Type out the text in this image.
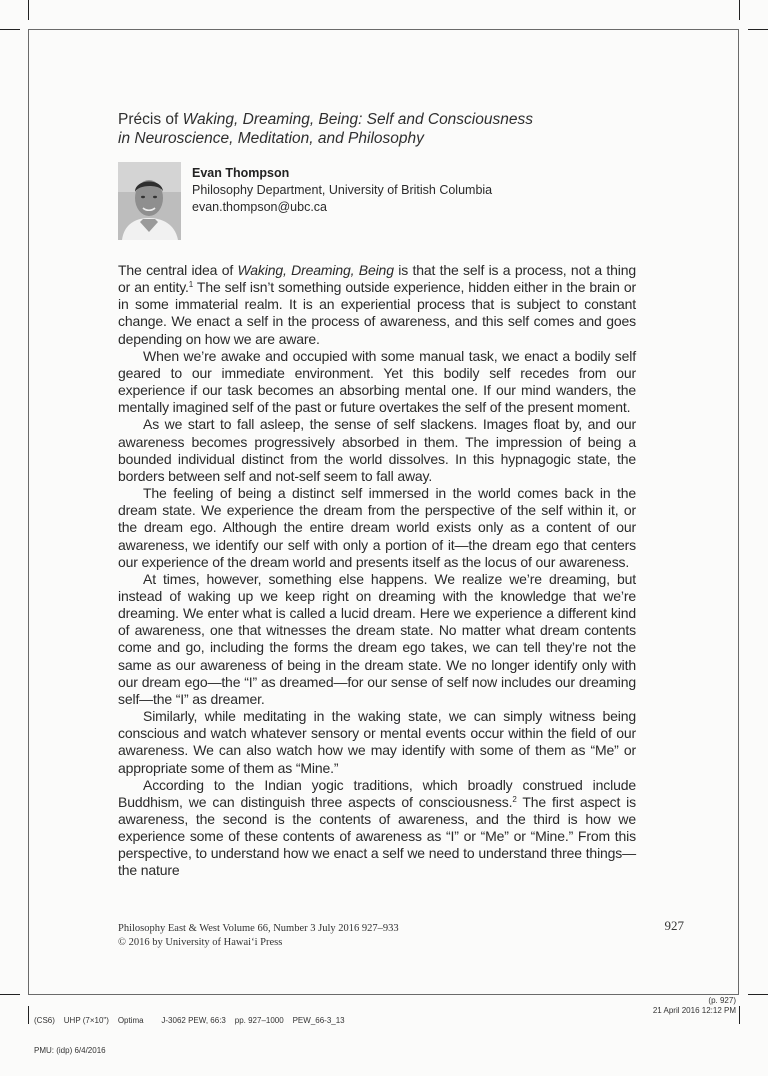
Précis of Waking, Dreaming, Being: Self and Consciousness
in Neuroscience, Meditation, and Philosophy
Evan Thompson
Philosophy Department, University of British Columbia
evan.thompson@ubc.ca

The central idea of Waking, Dreaming, Being is that the self is a process, not a thing or an entity.$^1$ The self isn’t something outside experience, hidden either in the brain or in some immaterial realm. It is an experiential process that is subject to constant change. We enact a self in the process of awareness, and this self comes and goes depending on how we are aware.

When we’re awake and occupied with some manual task, we enact a bodily self geared to our immediate environment. Yet this bodily self recedes from our experience if our task becomes an absorbing mental one. If our mind wanders, the mentally imagined self of the past or future overtakes the self of the present moment.

As we start to fall asleep, the sense of self slackens. Images float by, and our awareness becomes progressively absorbed in them. The impression of being a bounded individual distinct from the world dissolves. In this hypnagogic state, the borders between self and not-self seem to fall away.

The feeling of being a distinct self immersed in the world comes back in the dream state. We experience the dream from the perspective of the self within it, or the dream ego. Although the entire dream world exists only as a content of our awareness, we identify our self with only a portion of it—the dream ego that centers our experience of the dream world and presents itself as the locus of our awareness.

At times, however, something else happens. We realize we’re dreaming, but instead of waking up we keep right on dreaming with the knowledge that we’re dreaming. We enter what is called a lucid dream. Here we experience a different kind of awareness, one that witnesses the dream state. No matter what dream contents come and go, including the forms the dream ego takes, we can tell they’re not the same as our awareness of being in the dream state. We no longer identify only with our dream ego—the “I” as dreamed—for our sense of self now includes our dreaming self—the “I” as dreamer.

Similarly, while meditating in the waking state, we can simply witness being conscious and watch whatever sensory or mental events occur within the field of our awareness. We can also watch how we may identify with some of them as “Me” or appropriate some of them as “Mine.”

According to the Indian yogic traditions, which broadly construed include Buddhism, we can distinguish three aspects of consciousness.$^2$ The first aspect is awareness, the second is the contents of awareness, and the third is how we experience some of these contents of awareness as “I” or “Me” or “Mine.” From this perspective, to understand how we enact a self we need to understand three things—the nature

Philosophy East & West Volume 66, Number 3 July 2016 927–933
© 2016 by University of Hawai‘i Press
927

(CS6)    UHP (7×10")    Optima        J-3062 PEW, 66:3    pp. 927–1000    PEW_66-3_13

PMU: (idp) 6/4/2016

(p. 927)
21 April 2016 12:12 PM
